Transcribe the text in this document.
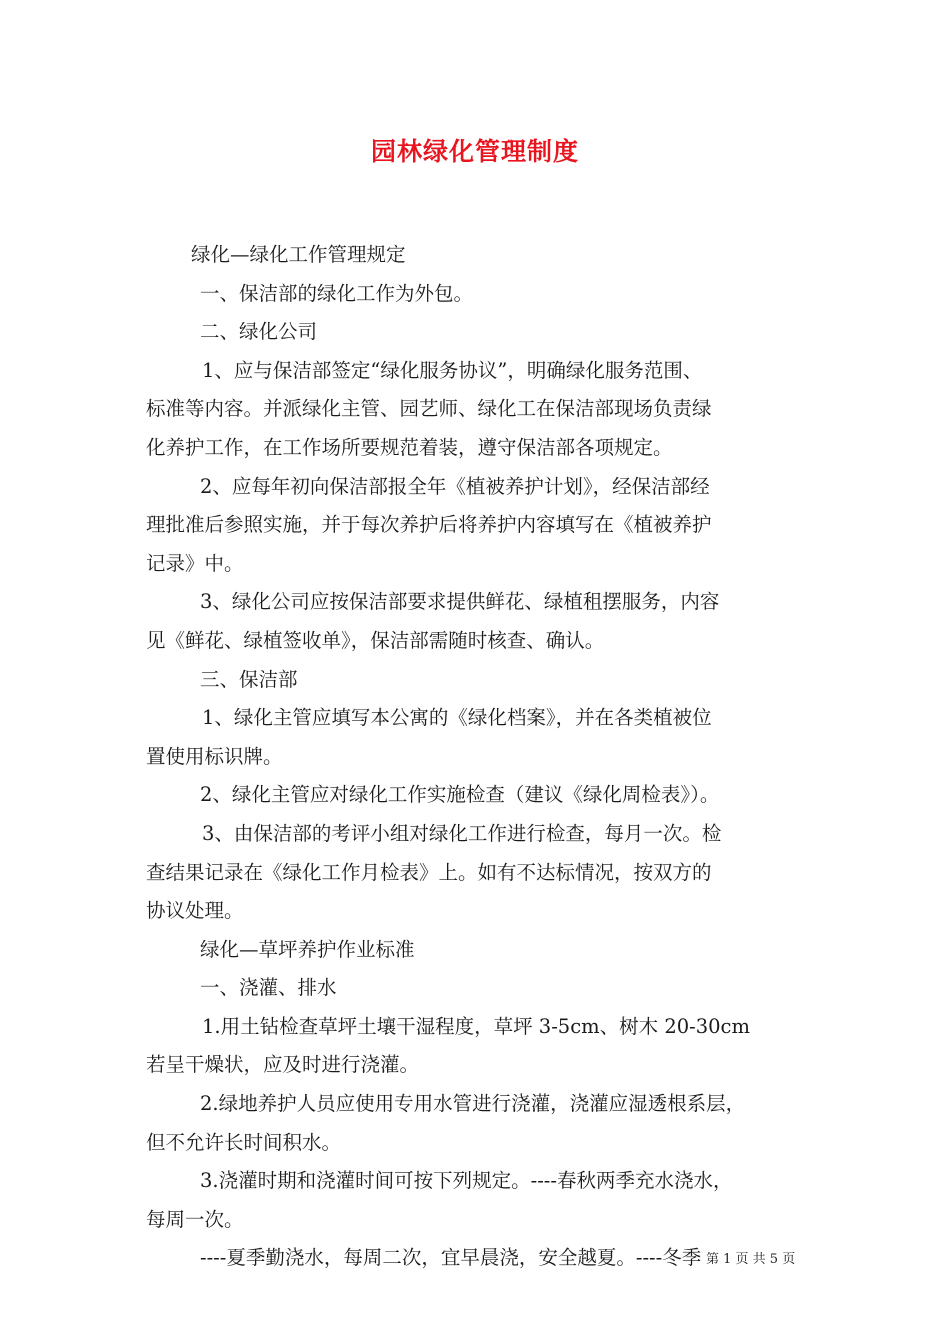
园林绿化管理制度

绿化—绿化工作管理规定

一、保洁部的绿化工作为外包。

二、绿化公司

1、应与保洁部签定“绿化服务协议”，明确绿化服务范围、

标准等内容。并派绿化主管、园艺师、绿化工在保洁部现场负责绿

化养护工作，在工作场所要规范着装，遵守保洁部各项规定。

2、应每年初向保洁部报全年《植被养护计划》，经保洁部经

理批准后参照实施，并于每次养护后将养护内容填写在《植被养护

记录》中。

3、绿化公司应按保洁部要求提供鲜花、绿植租摆服务，内容

见《鲜花、绿植签收单》，保洁部需随时核查、确认。

三、保洁部

1、绿化主管应填写本公寓的《绿化档案》，并在各类植被位

置使用标识牌。

2、绿化主管应对绿化工作实施检查（建议《绿化周检表》）。

3、由保洁部的考评小组对绿化工作进行检查，每月一次。检

查结果记录在《绿化工作月检表》上。如有不达标情况，按双方的

协议处理。

绿化—草坪养护作业标准

一、浇灌、排水

1.用土钻检查草坪土壤干湿程度，草坪 3-5cm、树木 20-30cm

若呈干燥状，应及时进行浇灌。

2.绿地养护人员应使用专用水管进行浇灌，浇灌应湿透根系层，

但不允许长时间积水。

3.浇灌时期和浇灌时间可按下列规定。----春秋两季充水浇水，

每周一次。

----夏季勤浇水，每周二次，宜早晨浇，安全越夏。----冬季 第 1 页 共 5 页
